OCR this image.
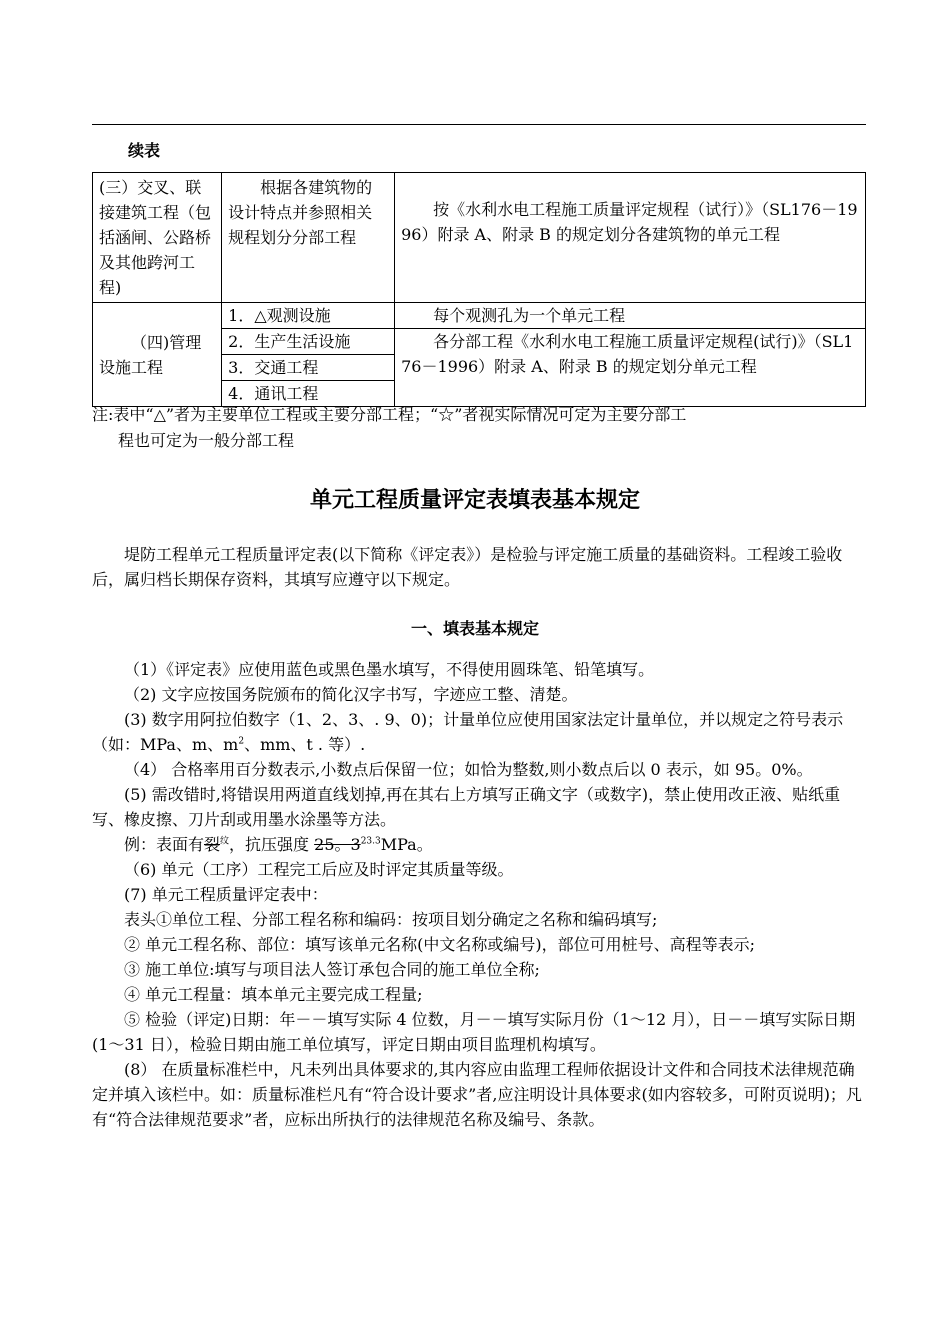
续表
(三）交叉、联接建筑工程（包括涵闸、公路桥及其他跨河工程)	根据各建筑物的设计特点并参照相关规程划分分部工程	按《水利水电工程施工质量评定规程（试行）》（SL176－1996）附录 A、附录 B 的规定划分各建筑物的单元工程
（四)管理设施工程	1．△观测设施	每个观测孔为一个单元工程
	2．生产生活设施	各分部工程《水利水电工程施工质量评定规程(试行)》（SL176－1996）附录 A、附录 B 的规定划分单元工程
	3．交通工程	
	4．通讯工程	
注:表中“△”者为主要单位工程或主要分部工程；“☆”者视实际情况可定为主要分部工
程也可定为一般分部工程
单元工程质量评定表填表基本规定

堤防工程单元工程质量评定表(以下简称《评定表》）是检验与评定施工质量的基础资料。工程竣工验收后，属归档长期保存资料，其填写应遵守以下规定。

一、填表基本规定

（1）《评定表》应使用蓝色或黑色墨水填写，不得使用圆珠笔、铅笔填写。

（2) 文字应按国务院颁布的简化汉字书写，字迹应工整、清楚。

(3) 数字用阿拉伯数字（1、2、3、. 9、0)；计量单位应使用国家法定计量单位，并以规定之符号表示（如：MPa、m、$m^2$、mm、t . 等）.

（4） 合格率用百分数表示,小数点后保留一位；如恰为整数,则小数点后以 0 表示，如 95。0%。

(5) 需改错时,将错误用两道直线划掉,再在其右上方填写正确文字（或数字)，禁止使用改正液、贴纸重写、橡皮擦、刀片刮或用墨水涂墨等方法。

例：表面有裂$^纹$，抗压强度 25。$3^{23.3}MPa$。

（6) 单元（工序）工程完工后应及时评定其质量等级。

(7) 单元工程质量评定表中：

表头①单位工程、分部工程名称和编码：按项目划分确定之名称和编码填写;

② 单元工程名称、部位：填写该单元名称(中文名称或编号)，部位可用桩号、高程等表示;

③ 施工单位:填写与项目法人签订承包合同的施工单位全称;

④ 单元工程量：填本单元主要完成工程量;

⑤ 检验（评定)日期：年－－填写实际 4 位数，月－－填写实际月份（1～12 月），日－－填写实际日期(1～31 日），检验日期由施工单位填写，评定日期由项目监理机构填写。

(8） 在质量标准栏中，凡未列出具体要求的,其内容应由监理工程师依据设计文件和合同技术法律规范确定并填入该栏中。如：质量标准栏凡有“符合设计要求”者,应注明设计具体要求(如内容较多，可附页说明)；凡有“符合法律规范要求”者，应标出所执行的法律规范名称及编号、条款。
